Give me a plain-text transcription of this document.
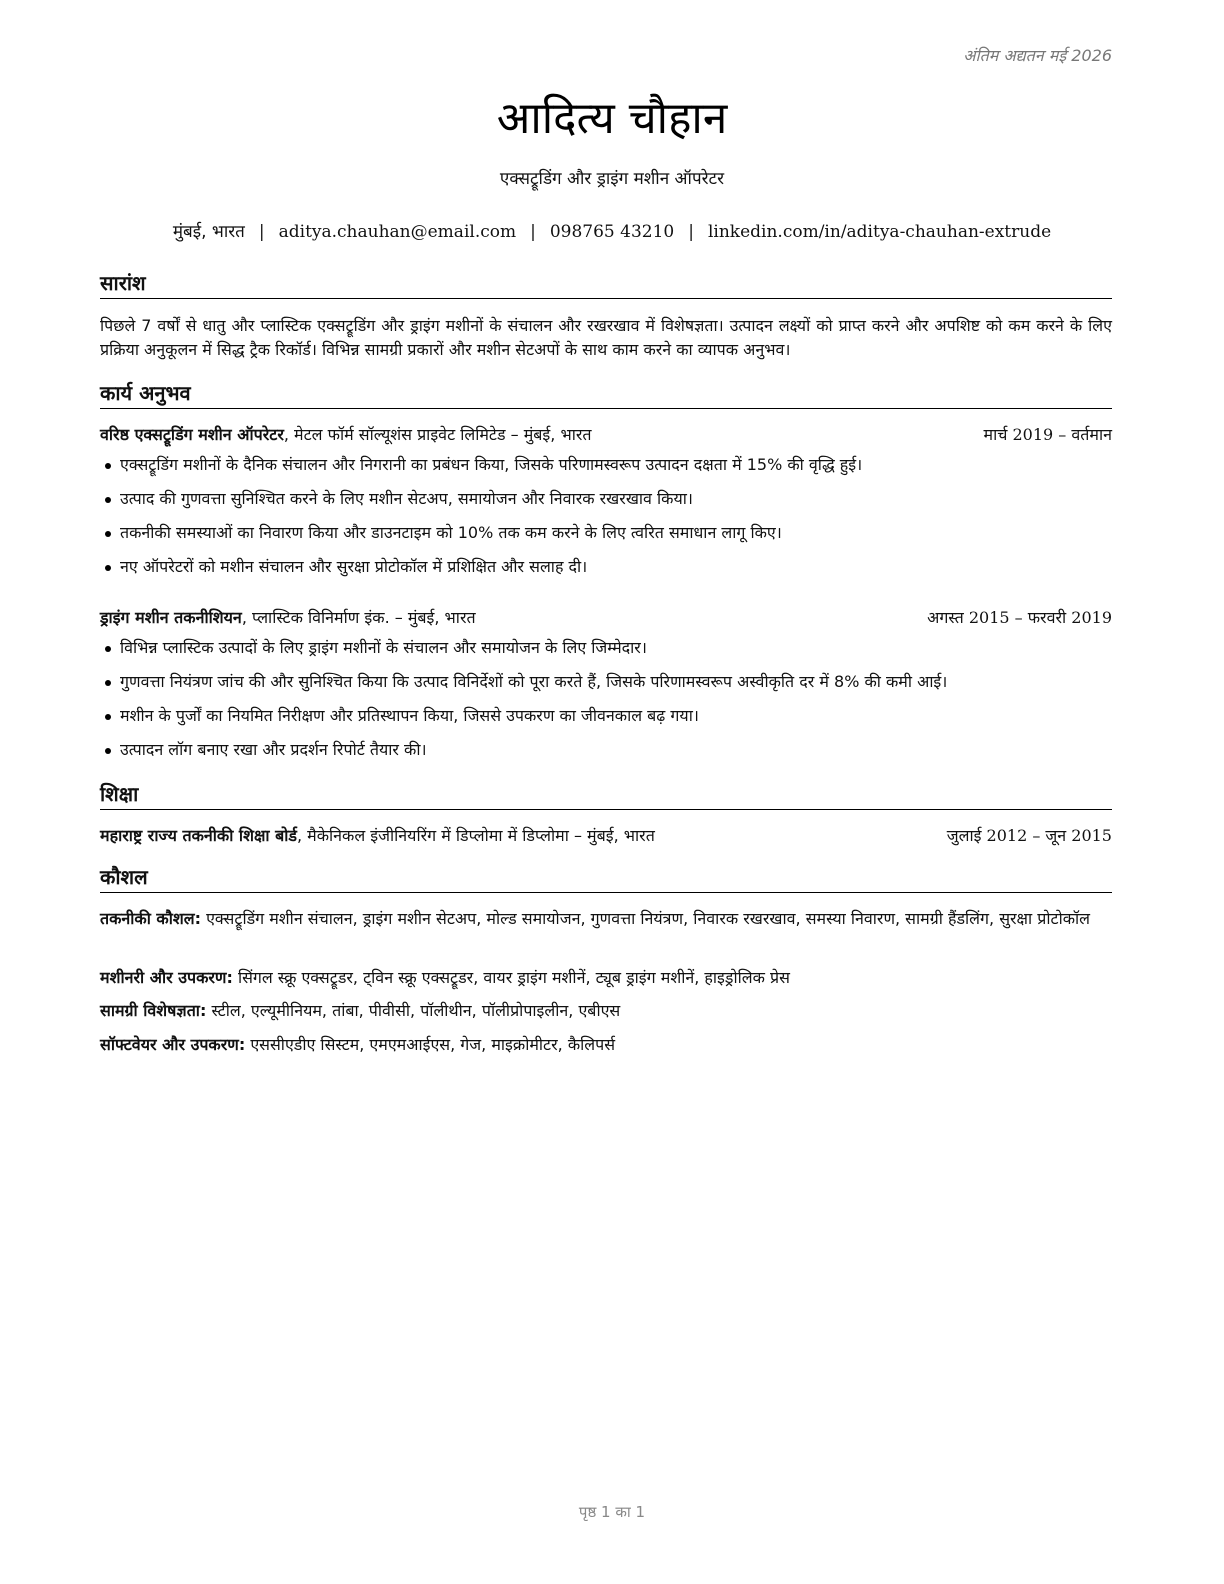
अंतिम अद्यतन मई 2026
आदित्य चौहान
एक्सट्रूडिंग और ड्राइंग मशीन ऑपरेटर
मुंबई, भारत | aditya.chauhan@email.com | 098765 43210 | linkedin.com/in/aditya-chauhan-extrude
सारांश
पिछले 7 वर्षों से धातु और प्लास्टिक एक्सट्रूडिंग और ड्राइंग मशीनों के संचालन और रखरखाव में विशेषज्ञता। उत्पादन लक्ष्यों को प्राप्त करने और अपशिष्ट को कम करने के लिए प्रक्रिया अनुकूलन में सिद्ध ट्रैक रिकॉर्ड। विभिन्न सामग्री प्रकारों और मशीन सेटअपों के साथ काम करने का व्यापक अनुभव।
कार्य अनुभव
वरिष्ठ एक्सट्रूडिंग मशीन ऑपरेटर, मेटल फॉर्म सॉल्यूशंस प्राइवेट लिमिटेड – मुंबई, भारत	मार्च 2019 – वर्तमान
एक्सट्रूडिंग मशीनों के दैनिक संचालन और निगरानी का प्रबंधन किया, जिसके परिणामस्वरूप उत्पादन दक्षता में 15% की वृद्धि हुई।
उत्पाद की गुणवत्ता सुनिश्चित करने के लिए मशीन सेटअप, समायोजन और निवारक रखरखाव किया।
तकनीकी समस्याओं का निवारण किया और डाउनटाइम को 10% तक कम करने के लिए त्वरित समाधान लागू किए।
नए ऑपरेटरों को मशीन संचालन और सुरक्षा प्रोटोकॉल में प्रशिक्षित और सलाह दी।
ड्राइंग मशीन तकनीशियन, प्लास्टिक विनिर्माण इंक. – मुंबई, भारत	अगस्त 2015 – फरवरी 2019
विभिन्न प्लास्टिक उत्पादों के लिए ड्राइंग मशीनों के संचालन और समायोजन के लिए जिम्मेदार।
गुणवत्ता नियंत्रण जांच की और सुनिश्चित किया कि उत्पाद विनिर्देशों को पूरा करते हैं, जिसके परिणामस्वरूप अस्वीकृति दर में 8% की कमी आई।
मशीन के पुर्जों का नियमित निरीक्षण और प्रतिस्थापन किया, जिससे उपकरण का जीवनकाल बढ़ गया।
उत्पादन लॉग बनाए रखा और प्रदर्शन रिपोर्ट तैयार की।
शिक्षा
महाराष्ट्र राज्य तकनीकी शिक्षा बोर्ड, मैकेनिकल इंजीनियरिंग में डिप्लोमा में डिप्लोमा – मुंबई, भारत	जुलाई 2012 – जून 2015
कौशल
तकनीकी कौशल: एक्सट्रूडिंग मशीन संचालन, ड्राइंग मशीन सेटअप, मोल्ड समायोजन, गुणवत्ता नियंत्रण, निवारक रखरखाव, समस्या निवारण, सामग्री हैंडलिंग, सुरक्षा प्रोटोकॉल
मशीनरी और उपकरण: सिंगल स्क्रू एक्सट्रूडर, ट्विन स्क्रू एक्सट्रूडर, वायर ड्राइंग मशीनें, ट्यूब ड्राइंग मशीनें, हाइड्रोलिक प्रेस
सामग्री विशेषज्ञता: स्टील, एल्यूमीनियम, तांबा, पीवीसी, पॉलीथीन, पॉलीप्रोपाइलीन, एबीएस
सॉफ्टवेयर और उपकरण: एससीएडीए सिस्टम, एमएमआईएस, गेज, माइक्रोमीटर, कैलिपर्स
पृष्ठ 1 का 1
